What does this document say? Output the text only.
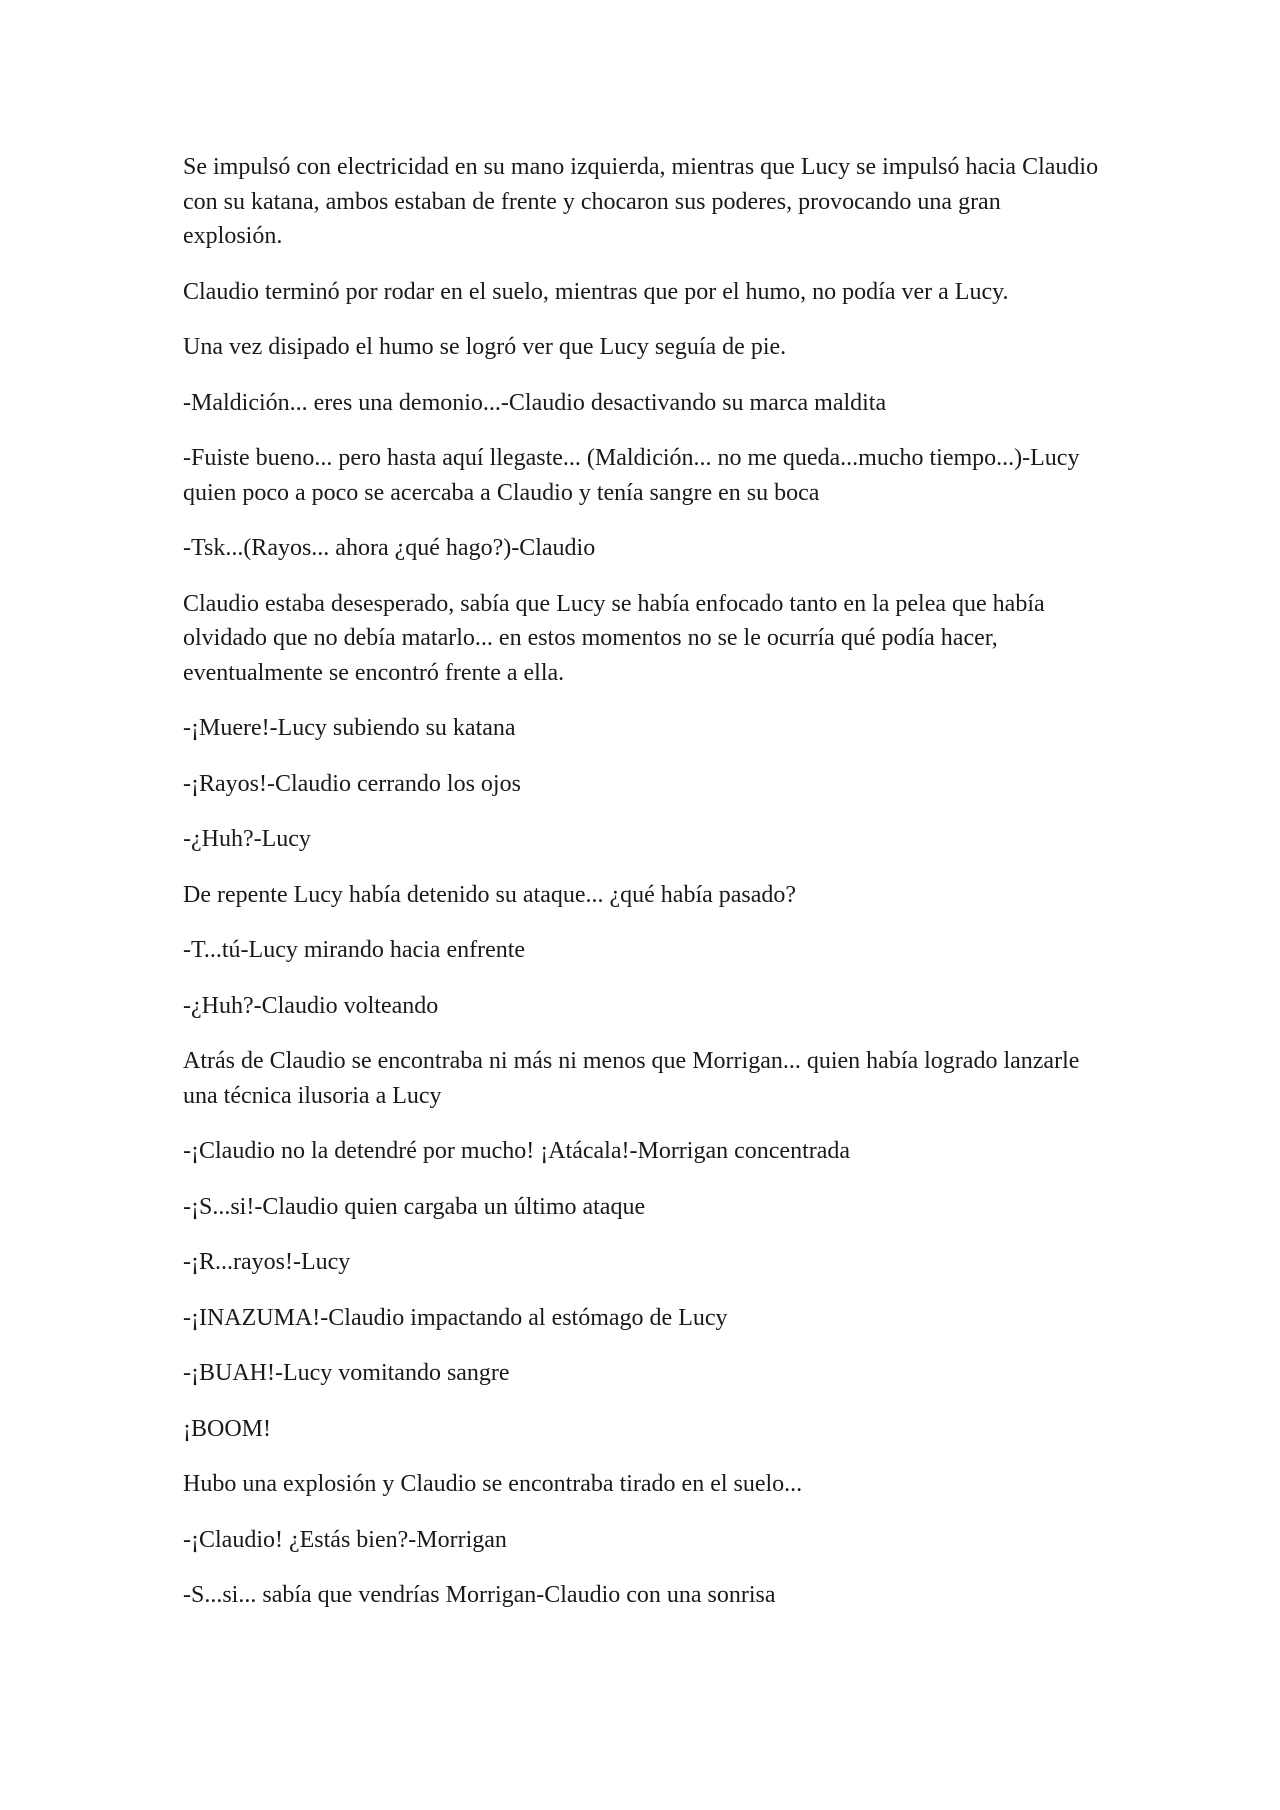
Se impulsó con electricidad en su mano izquierda, mientras que Lucy se impulsó hacia Claudio con su katana, ambos estaban de frente y chocaron sus poderes, provocando una gran explosión.

Claudio terminó por rodar en el suelo, mientras que por el humo, no podía ver a Lucy.

Una vez disipado el humo se logró ver que Lucy seguía de pie.

-Maldición... eres una demonio...-Claudio desactivando su marca maldita

-Fuiste bueno... pero hasta aquí llegaste... (Maldición... no me queda...mucho tiempo...)-Lucy quien poco a poco se acercaba a Claudio y tenía sangre en su boca

-Tsk...(Rayos... ahora ¿qué hago?)-Claudio

Claudio estaba desesperado, sabía que Lucy se había enfocado tanto en la pelea que había olvidado que no debía matarlo... en estos momentos no se le ocurría qué podía hacer, eventualmente se encontró frente a ella.

-¡Muere!-Lucy subiendo su katana

-¡Rayos!-Claudio cerrando los ojos

-¿Huh?-Lucy

De repente Lucy había detenido su ataque... ¿qué había pasado?

-T...tú-Lucy mirando hacia enfrente

-¿Huh?-Claudio volteando

Atrás de Claudio se encontraba ni más ni menos que Morrigan... quien había logrado lanzarle una técnica ilusoria a Lucy

-¡Claudio no la detendré por mucho! ¡Atácala!-Morrigan concentrada

-¡S...si!-Claudio quien cargaba un último ataque

-¡R...rayos!-Lucy

-¡INAZUMA!-Claudio impactando al estómago de Lucy

-¡BUAH!-Lucy vomitando sangre

¡BOOM!

Hubo una explosión y Claudio se encontraba tirado en el suelo...

-¡Claudio! ¿Estás bien?-Morrigan

-S...si... sabía que vendrías Morrigan-Claudio con una sonrisa
